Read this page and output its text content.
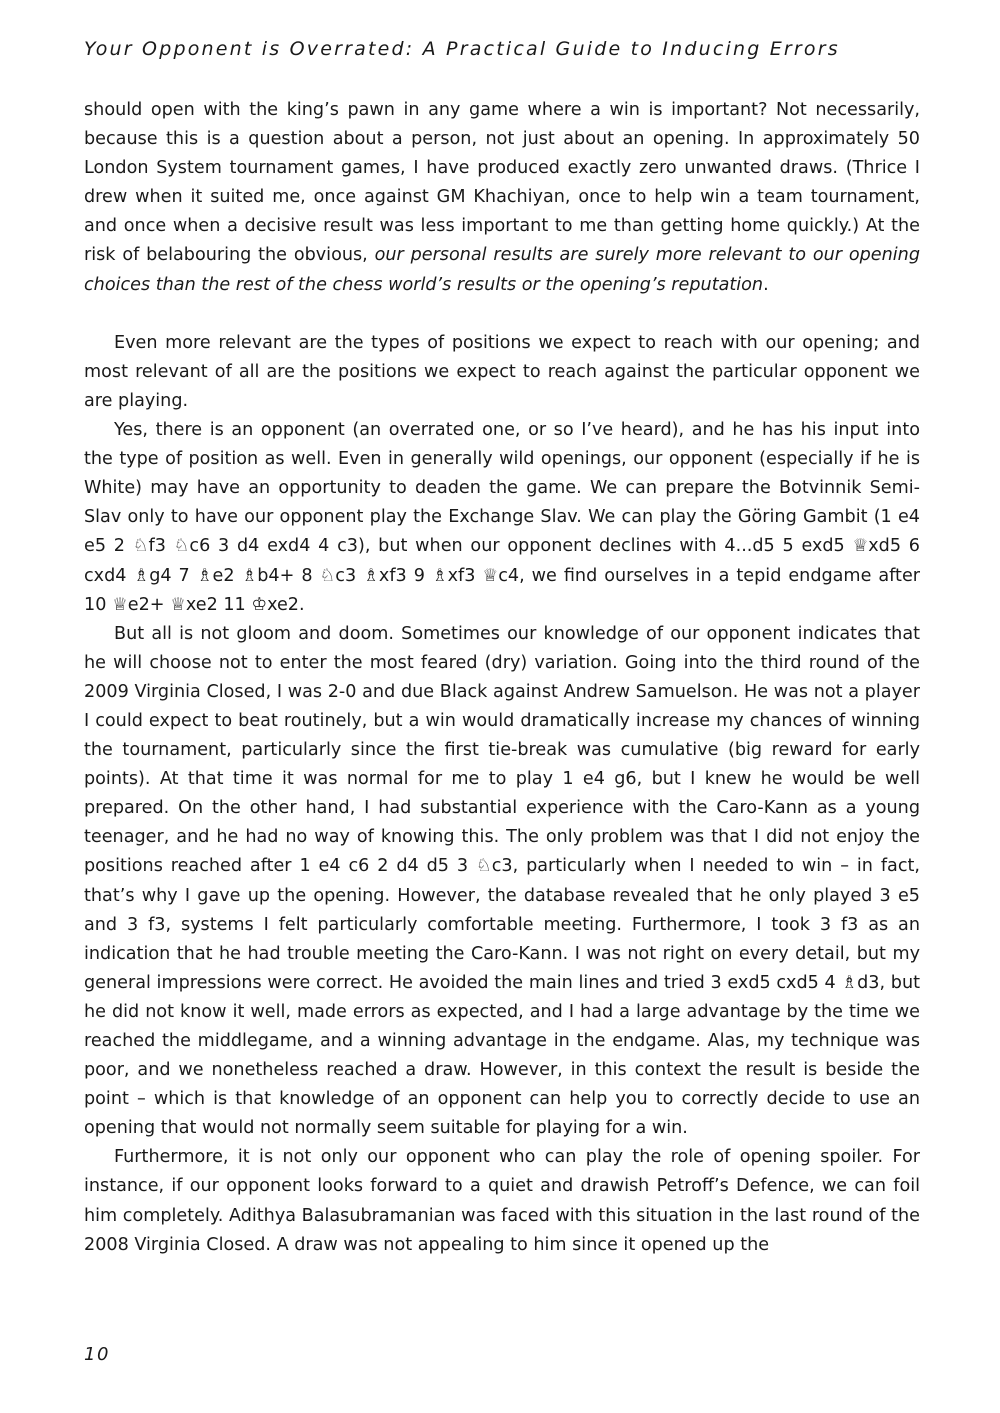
Your Opponent is Overrated: A Practical Guide to Inducing Errors

should open with the king’s pawn in any game where a win is important? Not necessarily, because this is a question about a person, not just about an opening. In approximately 50 London System tournament games, I have produced exactly zero unwanted draws. (Thrice I drew when it suited me, once against GM Khachiyan, once to help win a team tournament, and once when a decisive result was less important to me than getting home quickly.) At the risk of belabouring the obvious, our personal results are surely more relevant to our opening choices than the rest of the chess world’s results or the opening’s reputation.

Even more relevant are the types of positions we expect to reach with our opening; and most relevant of all are the positions we expect to reach against the particular opponent we are playing.

Yes, there is an opponent (an overrated one, or so I’ve heard), and he has his input into the type of position as well. Even in generally wild openings, our opponent (especially if he is White) may have an opportunity to deaden the game. We can prepare the Botvinnik Semi-Slav only to have our opponent play the Exchange Slav. We can play the Göring Gambit (1 e4 e5 2 ♘f3 ♘c6 3 d4 exd4 4 c3), but when our opponent declines with 4...d5 5 exd5 ♕xd5 6 cxd4 ♗g4 7 ♗e2 ♗b4+ 8 ♘c3 ♗xf3 9 ♗xf3 ♕c4, we find ourselves in a tepid endgame after 10 ♕e2+ ♕xe2 11 ♔xe2.

But all is not gloom and doom. Sometimes our knowledge of our opponent indicates that he will choose not to enter the most feared (dry) variation. Going into the third round of the 2009 Virginia Closed, I was 2-0 and due Black against Andrew Samuelson. He was not a player I could expect to beat routinely, but a win would dramatically increase my chances of winning the tournament, particularly since the first tie-break was cumulative (big reward for early points). At that time it was normal for me to play 1 e4 g6, but I knew he would be well prepared. On the other hand, I had substantial experience with the Caro-Kann as a young teenager, and he had no way of knowing this. The only problem was that I did not enjoy the positions reached after 1 e4 c6 2 d4 d5 3 ♘c3, particularly when I needed to win – in fact, that’s why I gave up the opening. However, the database revealed that he only played 3 e5 and 3 f3, systems I felt particularly comfortable meeting. Furthermore, I took 3 f3 as an indication that he had trouble meeting the Caro-Kann. I was not right on every detail, but my general impressions were correct. He avoided the main lines and tried 3 exd5 cxd5 4 ♗d3, but he did not know it well, made errors as expected, and I had a large advantage by the time we reached the middlegame, and a winning advantage in the endgame. Alas, my technique was poor, and we nonetheless reached a draw. However, in this context the result is beside the point – which is that knowledge of an opponent can help you to correctly decide to use an opening that would not normally seem suitable for playing for a win.

Furthermore, it is not only our opponent who can play the role of opening spoiler. For instance, if our opponent looks forward to a quiet and drawish Petroff’s Defence, we can foil him completely. Adithya Balasubramanian was faced with this situation in the last round of the 2008 Virginia Closed. A draw was not appealing to him since it opened up the

10
